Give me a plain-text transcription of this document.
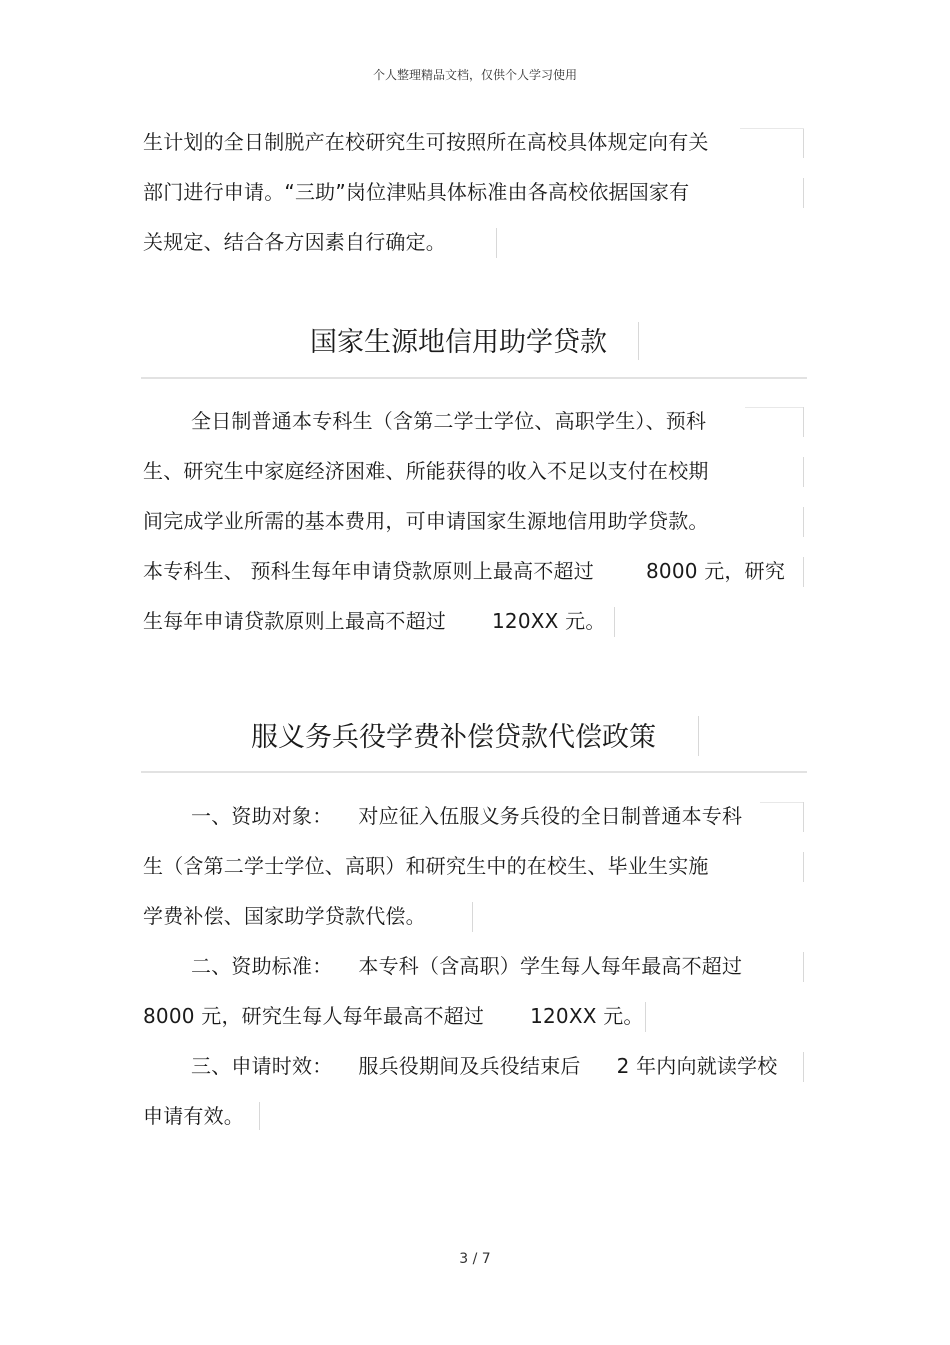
个人整理精品文档，仅供个人学习使用
生计划的全日制脱产在校研究生可按照所在高校具体规定向有关
部门进行申请。“三助”岗位津贴具体标准由各高校依据国家有
关规定、结合各方因素自行确定。
国家生源地信用助学贷款
全日制普通本专科生（含第二学士学位、高职学生）、预科
生、研究生中家庭经济困难、所能获得的收入不足以支付在校期
间完成学业所需的基本费用，可申请国家生源地信用助学贷款。
本专科生、 预科生每年申请贷款原则上最高不超过	8000 元，研究
生每年申请贷款原则上最高不超过 120XX 元。
服义务兵役学费补偿贷款代偿政策
一、资助对象： 对应征入伍服义务兵役的全日制普通本专科
生（含第二学士学位、高职）和研究生中的在校生、毕业生实施
学费补偿、国家助学贷款代偿。
二、资助标准： 本专科（含高职）学生每人每年最高不超过
8000 元，研究生每人每年最高不超过 120XX 元。
三、申请时效： 服兵役期间及兵役结束后 2 年内向就读学校
申请有效。
3 / 7
